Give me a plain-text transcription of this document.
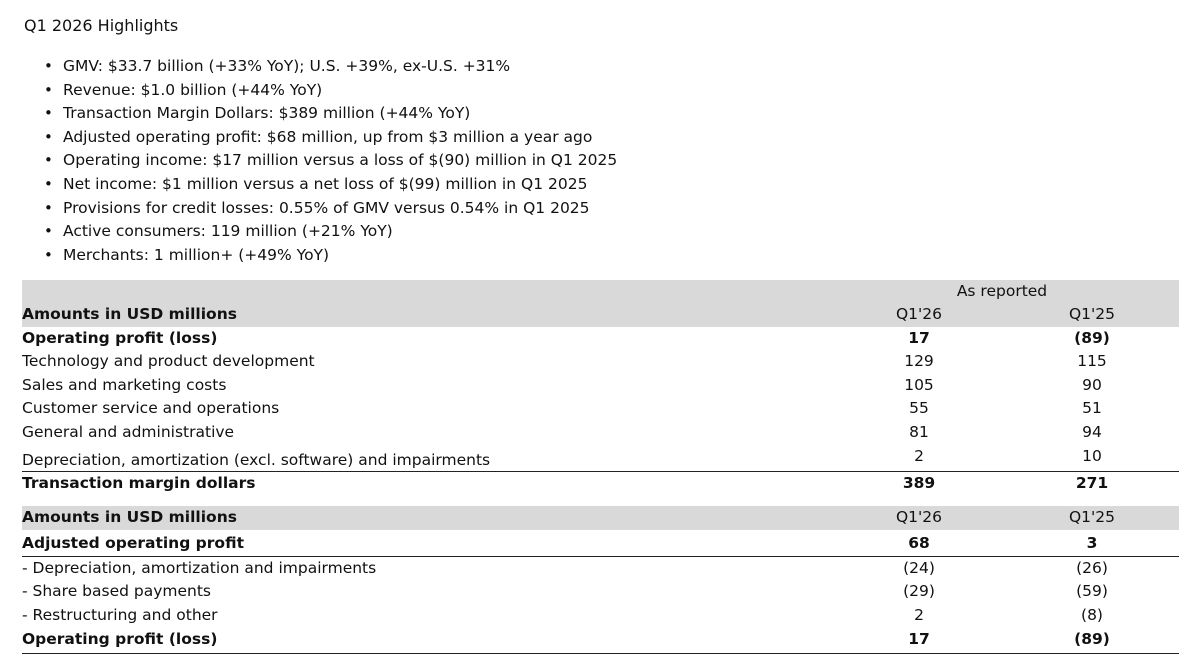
Q1 2026 Highlights
• GMV: $33.7 billion (+33% YoY); U.S. +39%, ex-U.S. +31%
• Revenue: $1.0 billion (+44% YoY)
• Transaction Margin Dollars: $389 million (+44% YoY)
• Adjusted operating profit: $68 million, up from $3 million a year ago
• Operating income: $17 million versus a loss of $(90) million in Q1 2025
• Net income: $1 million versus a net loss of $(99) million in Q1 2025
• Provisions for credit losses: 0.55% of GMV versus 0.54% in Q1 2025
• Active consumers: 119 million (+21% YoY)
• Merchants: 1 million+ (+49% YoY)
As reported
Amounts in USD millions	Q1'26	Q1'25
Operating profit (loss)	17	(89)
Technology and product development	129	115
Sales and marketing costs	105	90
Customer service and operations	55	51
General and administrative	81	94
Depreciation, amortization (excl. software) and impairments	2	10
Transaction margin dollars	389	271
Amounts in USD millions	Q1'26	Q1'25
Adjusted operating profit	68	3
- Depreciation, amortization and impairments	(24)	(26)
- Share based payments	(29)	(59)
- Restructuring and other	2	(8)
Operating profit (loss)	17	(89)
